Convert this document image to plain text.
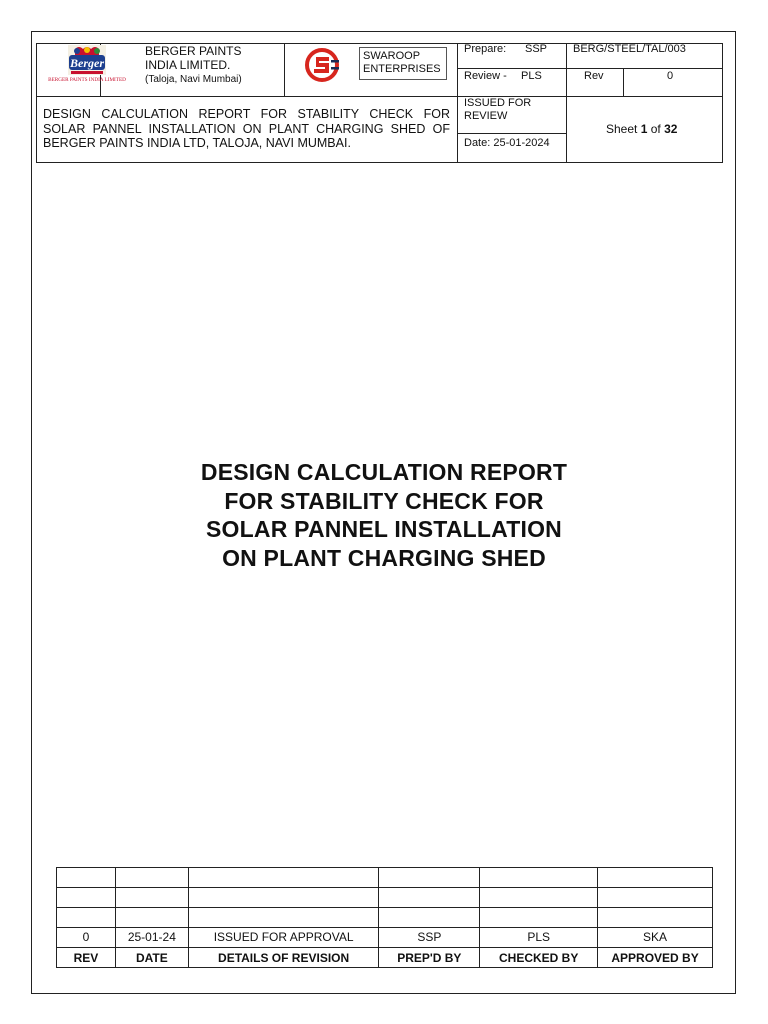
Berger
BERGER PAINTS INDIA LIMITED
BERGER PAINTS
INDIA LIMITED.
(Taloja, Navi Mumbai)
SWAROOP
ENTERPRISES
Prepare: SSP BERG/STEEL/TAL/003
Review - PLS	Rev	0
DESIGN CALCULATION REPORT FOR STABILITY CHECK FOR SOLAR PANNEL INSTALLATION ON PLANT CHARGING SHED OF BERGER PAINTS INDIA LTD, TALOJA, NAVI MUMBAI.
ISSUED FOR
REVIEW
Date: 25-01-2024
Sheet 1 of 32
DESIGN CALCULATION REPORT
FOR STABILITY CHECK FOR
SOLAR PANNEL INSTALLATION
ON PLANT CHARGING SHED

0	25-01-24	ISSUED FOR APPROVAL	SSP	PLS	SKA
REV	DATE	DETAILS OF REVISION	PREP'D BY	CHECKED BY	APPROVED BY
